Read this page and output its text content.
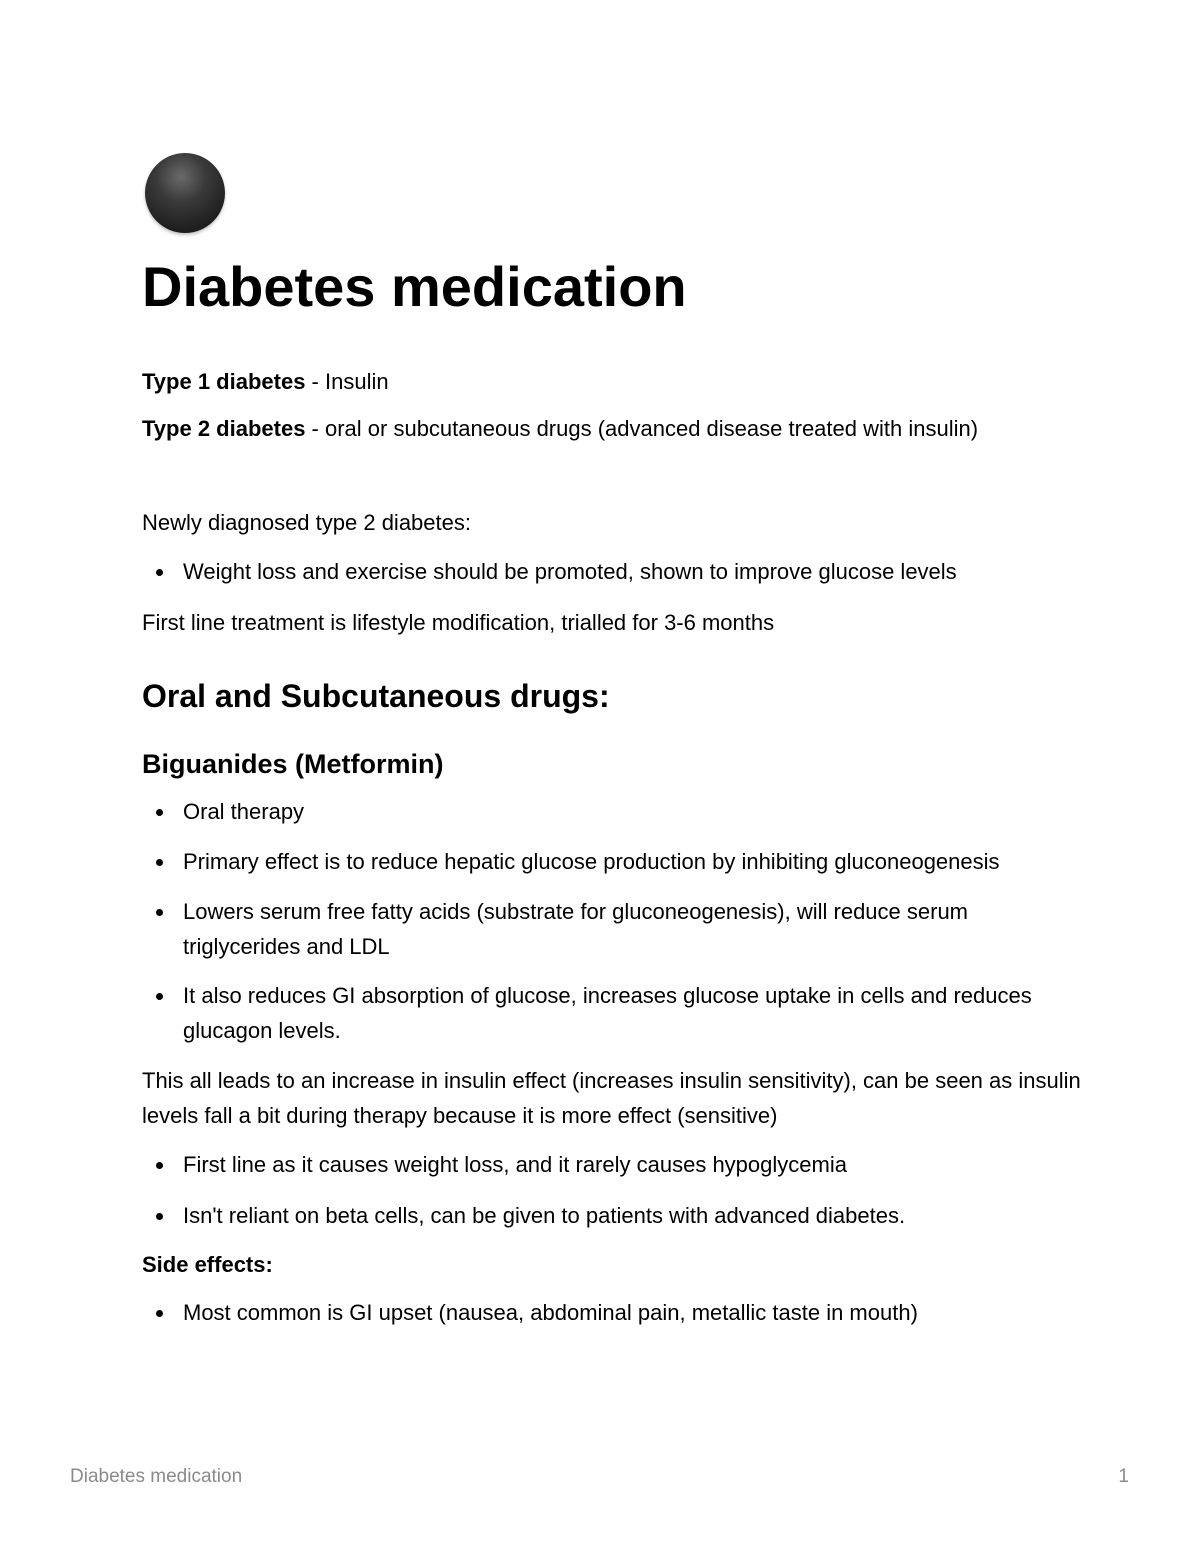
Diabetes medication

Type 1 diabetes - Insulin

Type 2 diabetes - oral or subcutaneous drugs (advanced disease treated with insulin)

Newly diagnosed type 2 diabetes:

Weight loss and exercise should be promoted, shown to improve glucose levels

First line treatment is lifestyle modification, trialled for 3-6 months

Oral and Subcutaneous drugs:
Biguanides (Metformin)
Oral therapy
Primary effect is to reduce hepatic glucose production by inhibiting gluconeogenesis
Lowers serum free fatty acids (substrate for gluconeogenesis), will reduce serum triglycerides and LDL
It also reduces GI absorption of glucose, increases glucose uptake in cells and reduces glucagon levels.

This all leads to an increase in insulin effect (increases insulin sensitivity), can be seen as insulin levels fall a bit during therapy because it is more effect (sensitive)

First line as it causes weight loss, and it rarely causes hypoglycemia
Isn't reliant on beta cells, can be given to patients with advanced diabetes.

Side effects:

Most common is GI upset (nausea, abdominal pain, metallic taste in mouth)
Diabetes medication	1
